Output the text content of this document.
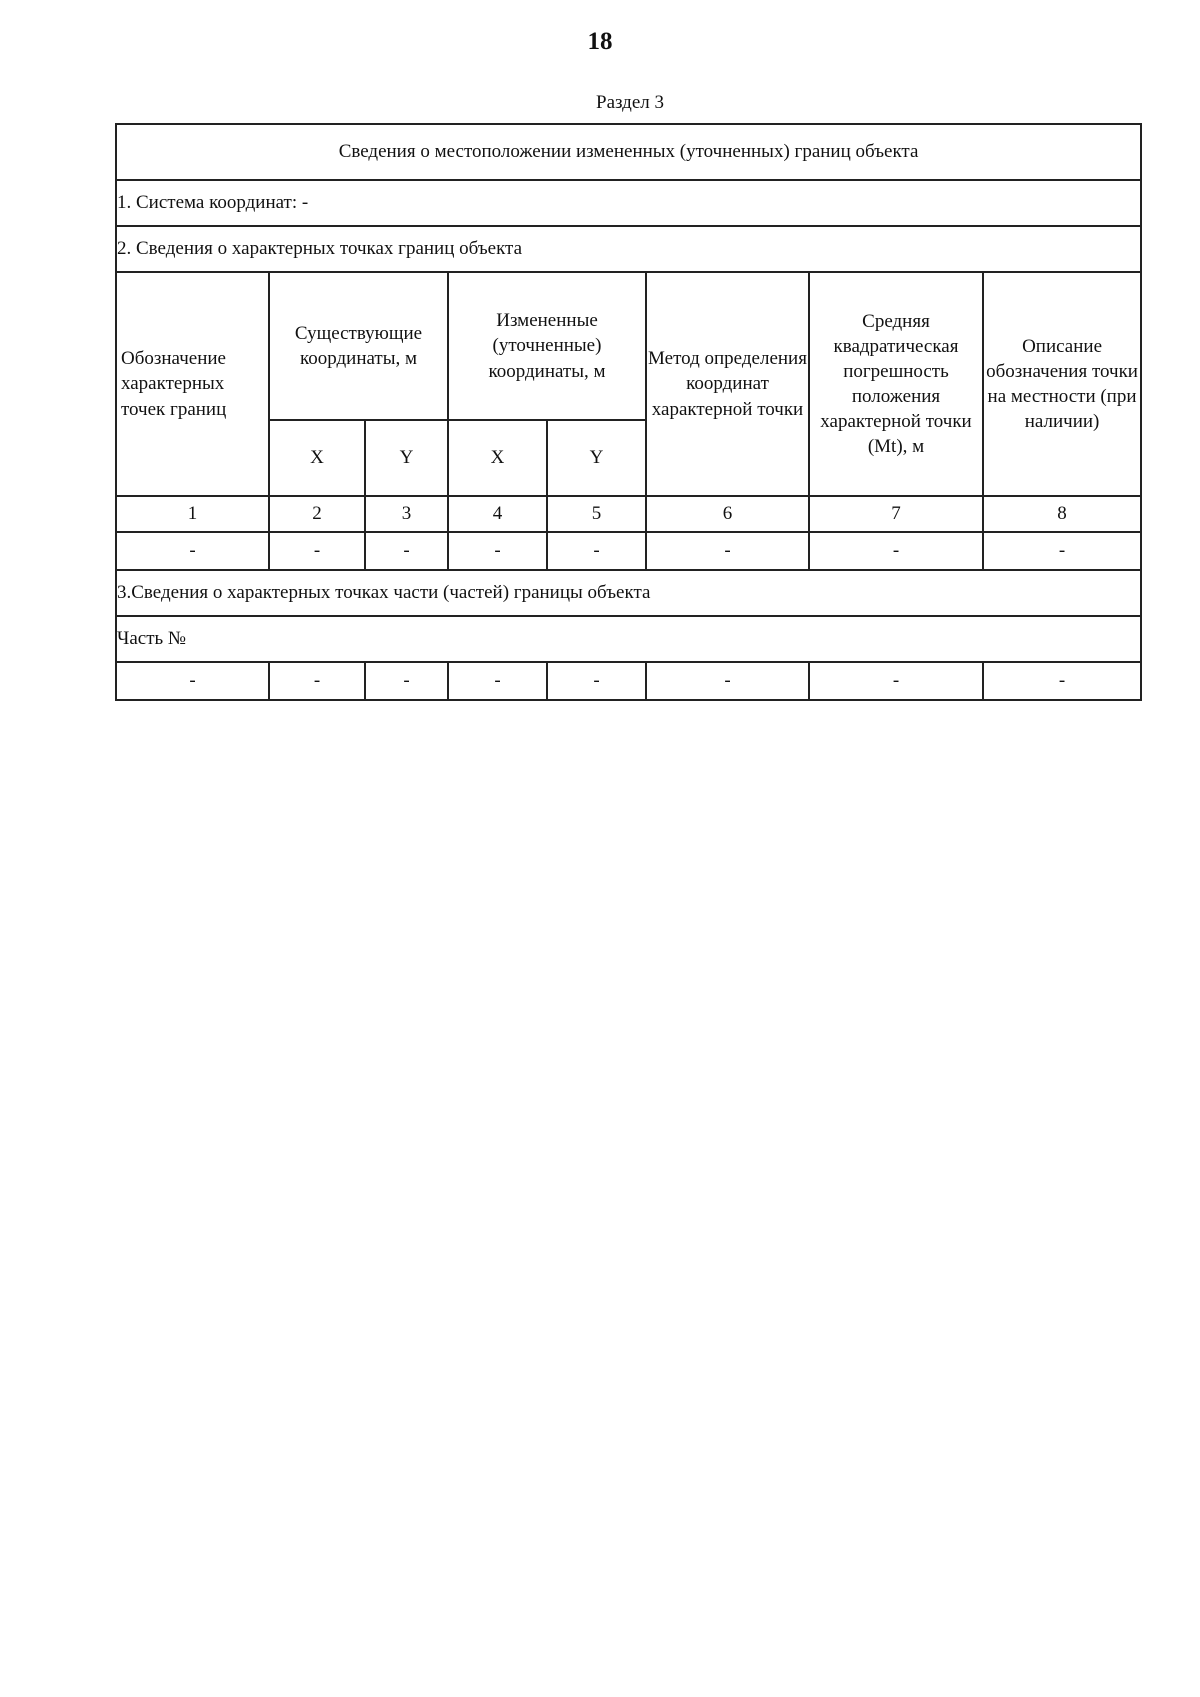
18
Раздел 3
Сведения о местоположении измененных (уточненных) границ объекта							
1. Система координат: -							
2. Сведения о характерных точках границ объекта							
Обозначение характерных точек границ	Существующие координаты, м		Измененные (уточненные) координаты, м		Метод определения координат характерной точки	Средняя квадратическая погрешность положения характерной точки (Mt), м	Описание обозначения точки на местности (при наличии)
	X	Y	X	Y			
1	2	3	4	5	6	7	8
-	-	-	-	-	-	-	-
3.Сведения о характерных точках части (частей) границы объекта							
Часть №							
-	-	-	-	-	-	-	-
